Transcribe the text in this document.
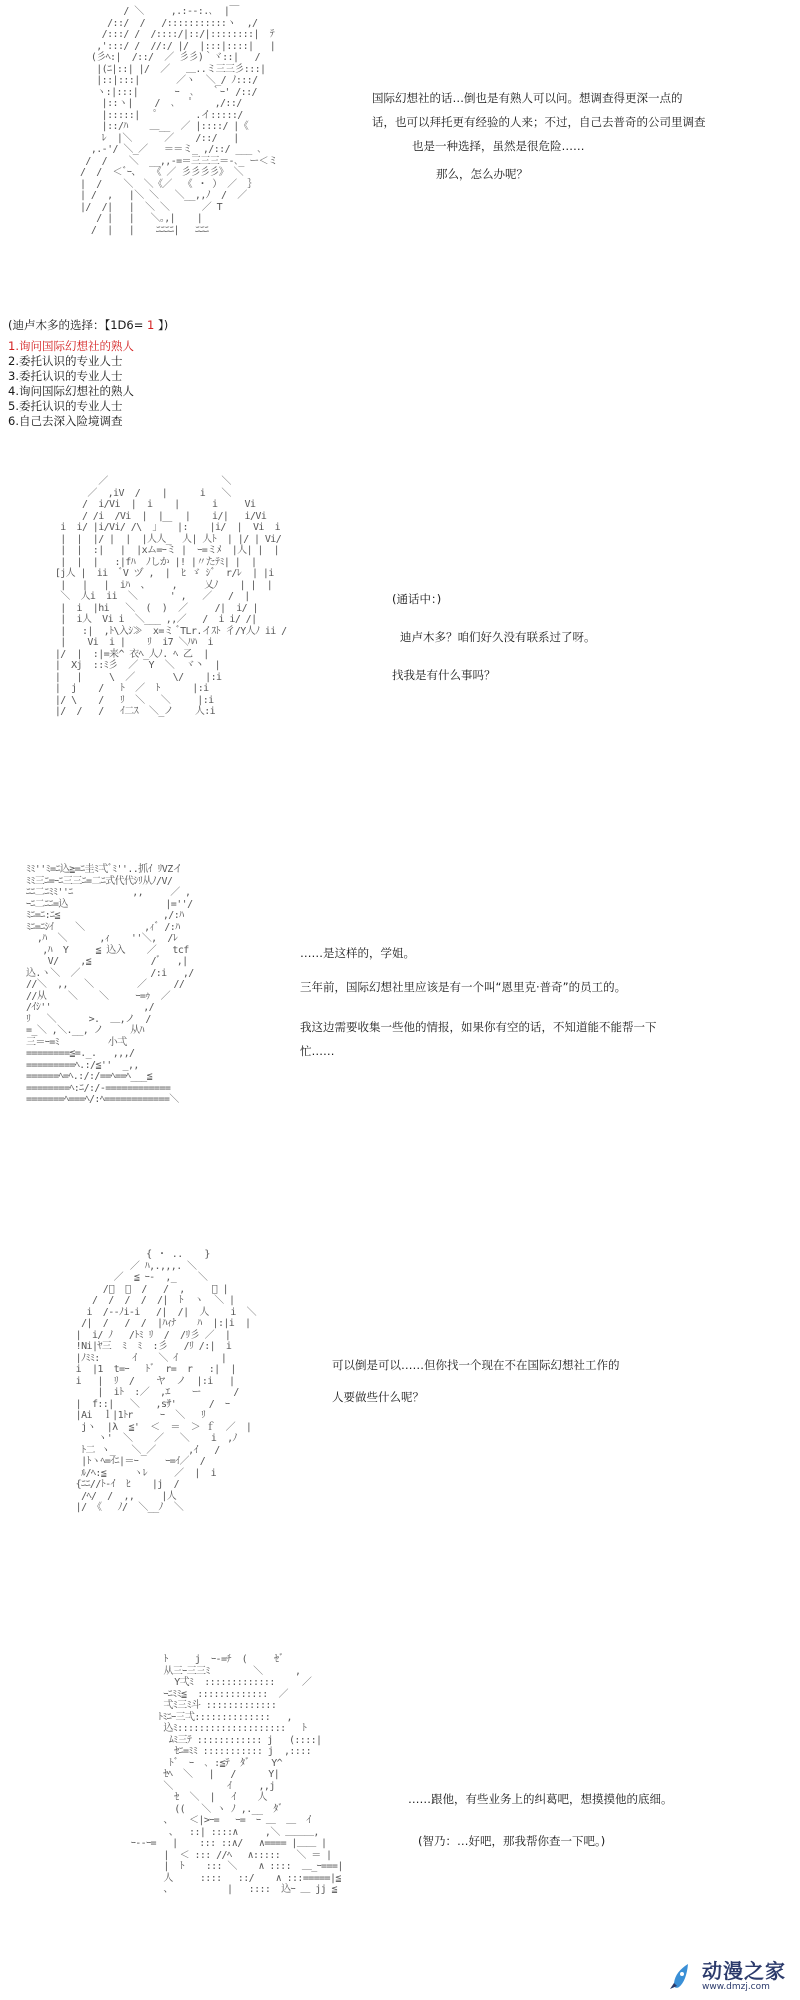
/ ＼     ,.:--:.､  |￣
/::/  /   /:::::::::::ヽ  ,/
/:::/ /  /::::/|::/|::::::::|  ﾃ
,':::/ /  //:/ |/  |:::|::::|   |
(彡ﾍ:|  /::/  ／ 彡彡)｀ヾ::|   /
|(ﾆ|::| |/  ／   ＿..ミ三三彡:::|
|::|:::|  　   ／ヽ  ＼_/ ﾉ:::/
ヽ:|:::|  　   ｰ  ､   ｀ｰ' /::/
|::ヽ|    /  ､   ﾟ    ,/::/
|:::::|   ﾟ       .イ:::::/
|::/ﾊ    ＿__  ／ |::::/ |《
ﾚ  |＼      ／    /::/   |
,.-'/ ＼_／   ＝＝ミ_ ,/::/ ___ ､
/  /    ＼  __,,-=＝三三三＝-､_ ー＜ミ
/  /  ＜ﾞｰ、  《 ／ 彡彡彡彡》 ＼
|  /    ＼  ＼《／  《 ・ ） ／  ｝
| /  ,   |＼ ＼   ＼__,,ﾉ  /  ／
|/  /|   |  ＼ ＼      ／ T
/ |   |   ＼｡,|    |
/  |   |    ﾆﾆﾆﾆ|   ﾆﾆﾆ

国际幻想社的话…倒也是有熟人可以问。想调查得更深一点的

话，也可以拜托更有经验的人来；不过，自己去普奇的公司里调查

也是一种选择，虽然是很危险……

那么，怎么办呢？

(迪卢木多的选择：【1D6= 1 】)

1.询问国际幻想社的熟人
2.委托认识的专业人士
3.委托认识的专业人士
4.询问国际幻想社的熟人
5.委托认识的专业人士
6.自己去深入险境调查
／                     ＼
／  ,iV  /    |      i   ＼
/  i/Vi  |  i    |      i     Vi
/ /i  /Vi  |  |    |    i/|   i/Vi
i  i/ |i/Vi/ /\  ｣ ￣ |:    |i/  |  Vi  i
|  |  |/ |  |  |人人_  人| 人ﾄ  | |/ | Vi/
|  |  :|   |  |xム=ｰミ |  ｰ=ミﾒ  |人| |  |
|  |  |   :|fﾊ  ﾉしか |! |〃たﾃﾐ| |  |
[j人 |  ii  ﾞV ヅ ,  |  ﾋ ゞ ｼﾞ  r/ﾚ  | |i
|   |   |  iﾊ  、    ,     乂ﾉ    | |  |
＼  人i  ii  ＼      ' ,   ／   /  |
|  i  |hi   ＼  (  )  ／     /|  i/ |
|  i人  Vi i  ＼___ ,,／   /  i i/ /|
|   :|  ,ﾄ\入ｼ≫  x=ミ ﾞTLr.イｽﾄ 彳/Y人ﾉ ii /
|    Vi  i |    ﾘ  i7 ＼ﾊﾊ  i
|/  |  :|=来^ 衣ﾍ_人ﾉ. ﾍ 乙  |
|  Xj  ::ﾐ彡  ／  Y  ＼  ヾ丶  |
|   |     \  ／       \/    |:i
|  j    /   ﾄ  ／  ﾄ      |:i
|/ \    /   ﾘ  ＼   ＼     |:i
|/  /   /   ｲ二ｽ  ＼_ノ    人:i

(通话中：)

迪卢木多？咱们好久没有联系过了呀。

找我是有什么事吗？

ﾐﾐ''ﾐ=ﾆ込≧=ﾆ圭ﾐ弌ﾞﾐ''..抓ｲ ﾘVZイ
ﾐﾐ三ﾆ=ｰﾆ三三ﾆ=二ﾆ式代代ｼﾘ从ﾉ/V/
ﾆﾆ二ﾆﾐﾐ''ﾆ           ,,     ／ ,
ｰﾆ二ﾆﾆ=込                  |=''/
ﾐﾆ=ﾆ:ﾆ≦                   ,/:ﾊ
ﾐﾆ=ﾆｼｲ    ＼           ,ｨﾞ /:ﾊ
,ﾊ  ＼      ,ｨ    ''＼,  /ﾚ
,ﾊ  Y     ≦ 込入    ／   tcf
V/    ,≦           /ﾞ   ,|
込.ヽ＼  ／             /:i   ,/
//＼  ,,   ＼        ／     //
//从    ＼    ＼     ｰ=ｩ  ／
/ｲｼ''                 ,/
ﾘ   ＼      >.  ＿,ノ  /
=_＼ ,＼.__, ノ     从ﾊ
三＝ｰ=ﾐ         小弌
========≦=._.   ,,,/
=========ﾍ.:/≦''  _,,
======ﾍ=ﾍ.:/:/==ﾍ==ﾍ___≦
========ﾍ:ﾆ/:/-============
=======ﾍ===ﾍ/:ﾍ============＼

……是这样的，学姐。

三年前，国际幻想社里应该是有一个叫“恩里克·普奇”的员工的。

我这边需要收集一些他的情报，如果你有空的话，不知道能不能帮一下

忙……

{ ・ ..    }
／ ﾊ,.,,,. ＼
／  ≦ ｰ-  ,_    ＼
/ﾞ  ／  /   /  ,     ＼ |
/  /  /  /  /|  ﾄ  ヽ  ＼ |
i  /--ﾉi-i   /|  /|  人    i  ＼
/|  /   /  /  |ﾊｨﾅ    ﾊ  |:|i  |
|  i/ ﾉ   /ﾄﾐ ﾘ  /  /ﾘ彡 ／  |
!Ni|ﾔ三  ﾐ  ﾐ  :彡   /ﾘ /:|  i
|ﾉﾐﾐ:      ｲ    ＼ ｲ        |
i  |1  t=ｰ   ﾄﾞ  r=  r   :|  |
i   |  ﾘ  /    ヤ  ノ  |:i   |
|  iﾄ  :／  ,ｴ    ー      /
|  f::|   ＼   ,sｻ'      /  ｰ
|Ai  ｌ|1ﾄr     ｰ  ＼   ﾘ
jヽ  |λ  ≦'  ＜  ＝  ＞ ｆ  ／  |
ヽ'  ＼    ／   ＼    i  ,ﾉ
ﾄ二 ヽ_   ＼_／      ,ｲ   /
|ﾄヽﾍ=ｲﾆ|＝ｰ     ｰ=ｲ／  /
ﾙ/ﾍ:≦     ヽﾚ     ／  |  i
{ﾆﾆ//ﾄ-ｲ  ﾋ    |j  /
/ﾍ/  /  ,,     |人
|/ 《   ﾉ/  ＼__ﾉ  ＼

可以倒是可以……但你找一个现在不在国际幻想社工作的

人要做些什么呢？

ﾄ     j  ｰ-=ﾁ  (     ｾﾞ
从三ｰ三三ﾐ        ＼      ,
Y弌ﾐ  :::::::::::::     ／
ｰﾆﾐﾐ≦  :::::::::::::  ／
弌ﾐ三ﾐ斗 :::::::::::::
ﾄﾐﾆｰ三弌::::::::::::::   ,
込ﾐ::::::::::::::::::::   ﾄ
ﾑﾐ三ﾃ :::::::::::: j   (::::|
ｾﾆ=ﾐﾐ ::::::::::: j  ,::::
ﾄﾞ  ｰ  ､ :≦ﾃ  ﾀﾞ    Y^
ｾﾍ  ＼   |   /      Y|
＼          ｲ     ,,j
ｾ  ＼  |   ｲ    人
((   ＼ ヽ ﾉ ,.__  ﾀﾞ
、   ＜|>ｰ=   ｰ=  ｰ ＿  ＿  ｲ
、  ::| ::::∧     ,＼ ＿＿＿,
ｰ--ｰ=   |    ::: ::∧/   ∧==== |＿＿ |
|  ＜ ::: //ﾍ   ∧:::::   ＼ ＝ |
|  ﾄ    ::: ＼    ∧ ::::  ＿_ｰ===|
人     ::::   ::/    ∧ :::=====|≦
、          |   ::::  込ｰ ＿ jj ≦

……跟他，有些业务上的纠葛吧，想摸摸他的底细。

(智乃：…好吧，那我帮你查一下吧。)

动漫之家
www.dmzj.com
